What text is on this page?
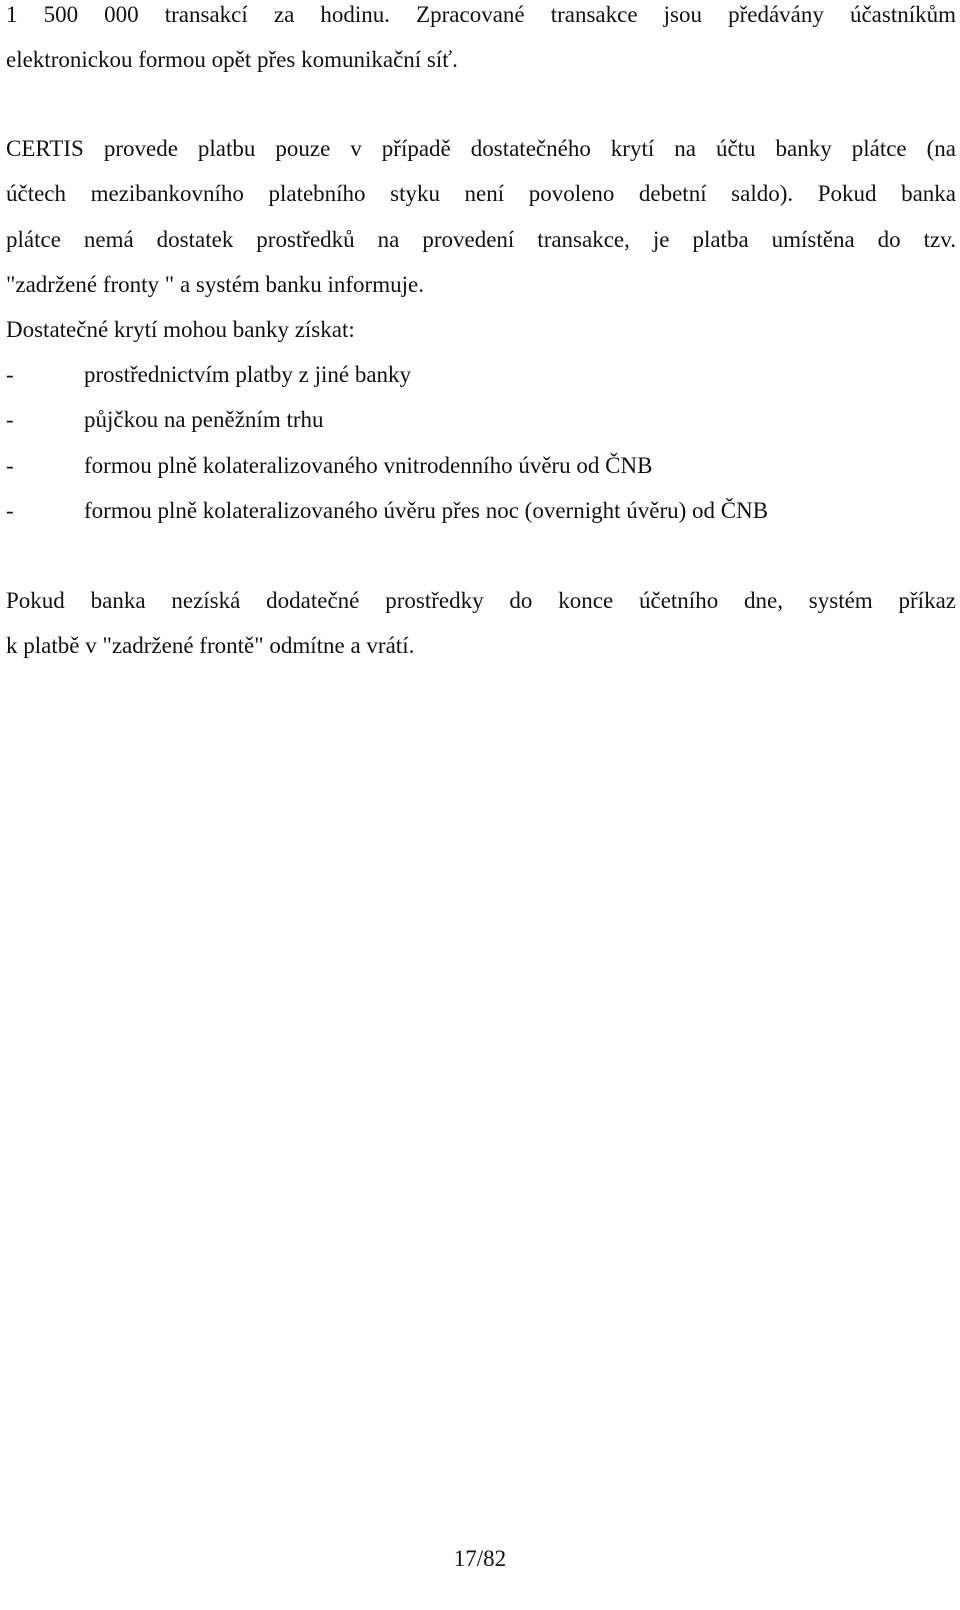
1 500 000 transakcí za hodinu. Zpracované transakce jsou předávány účastníkům
elektronickou formou opět přes komunikační síť.
CERTIS provede platbu pouze v případě dostatečného krytí na účtu banky plátce (na
účtech mezibankovního platebního styku není povoleno debetní saldo). Pokud banka
plátce nemá dostatek prostředků na provedení transakce, je platba umístěna do tzv.
"zadržené fronty " a systém banku informuje.
Dostatečné krytí mohou banky získat:
-	prostřednictvím platby z jiné banky
-	půjčkou na peněžním trhu
-	formou plně kolateralizovaného vnitrodenního úvěru od ČNB
-	formou plně kolateralizovaného úvěru přes noc (overnight úvěru) od ČNB
Pokud banka nezíská dodatečné prostředky do konce účetního dne, systém příkaz
k platbě v "zadržené frontě" odmítne a vrátí.
17/82
